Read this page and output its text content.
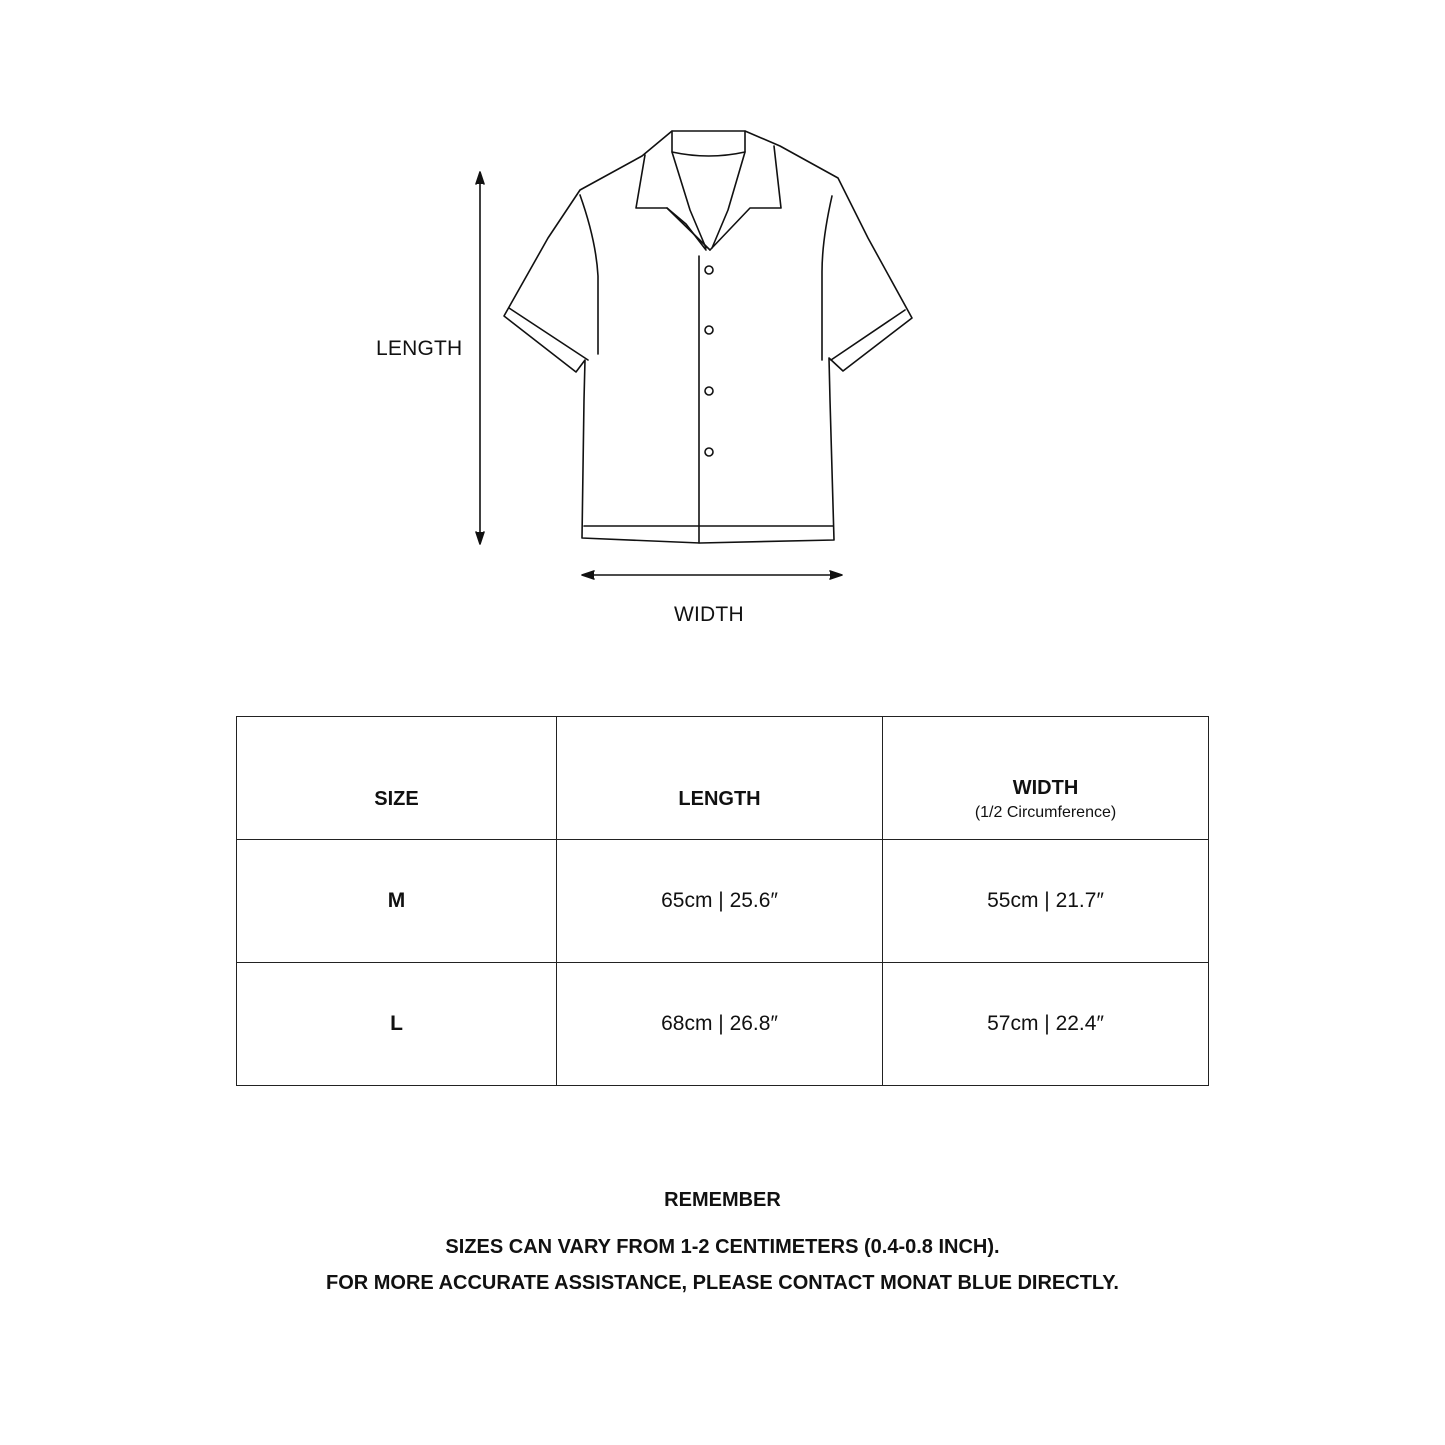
LENGTH
WIDTH
SIZE	LENGTH	WIDTH
(1/2 Circumference)

M	65cm | 25.6″	55cm | 21.7″
L	68cm | 26.8″	57cm | 22.4″
REMEMBER
SIZES CAN VARY FROM 1-2 CENTIMETERS (0.4-0.8 INCH).
FOR MORE ACCURATE ASSISTANCE, PLEASE CONTACT MONAT BLUE DIRECTLY.
